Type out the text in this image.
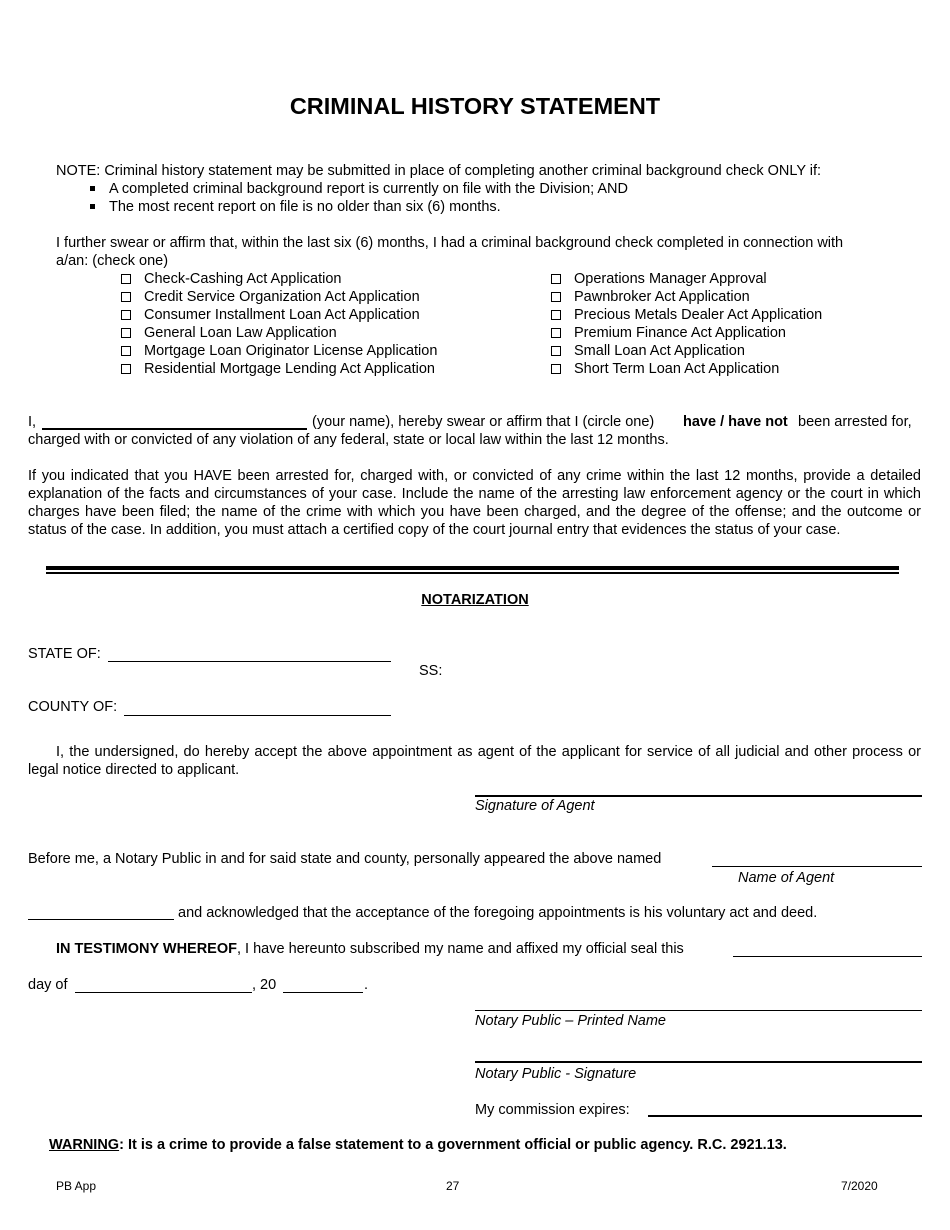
CRIMINAL HISTORY STATEMENT
NOTE: Criminal history statement may be submitted in place of completing another criminal background check ONLY if:
A completed criminal background report is currently on file with the Division; AND
The most recent report on file is no older than six (6) months.
I further swear or affirm that, within the last six (6) months, I had a criminal background check completed in connection with
a/an: (check one)
Check-Cashing Act Application
Credit Service Organization Act Application
Consumer Installment Loan Act Application
General Loan Law Application
Mortgage Loan Originator License Application
Residential Mortgage Lending Act Application
Operations Manager Approval
Pawnbroker Act Application
Precious Metals Dealer Act Application
Premium Finance Act Application
Small Loan Act Application
Short Term Loan Act Application
I,	(your name), hereby swear or affirm that I (circle one) have / have not been arrested for,
charged with or convicted of any violation of any federal, state or local law within the last 12 months.
If you indicated that you HAVE been arrested for, charged with, or convicted of any crime within the last 12 months, provide a detailed explanation of the facts and circumstances of your case. Include the name of the arresting law enforcement agency or the court in which charges have been filed; the name of the crime with which you have been charged, and the degree of the offense; and the outcome or status of the case. In addition, you must attach a certified copy of the court journal entry that evidences the status of your case.
NOTARIZATION
STATE OF:
SS:
COUNTY OF:
I, the undersigned, do hereby accept the above appointment as agent of the applicant for service of all judicial and other process or legal notice directed to applicant.
Signature of Agent
Before me, a Notary Public in and for said state and county, personally appeared the above named
Name of Agent
and acknowledged that the acceptance of the foregoing appointments is his voluntary act and deed.
IN TESTIMONY WHEREOF, I have hereunto subscribed my name and affixed my official seal this
day of	, 20	.
Notary Public – Printed Name
Notary Public - Signature
My commission expires:
WARNING: It is a crime to provide a false statement to a government official or public agency. R.C. 2921.13.
PB App	27	7/2020
